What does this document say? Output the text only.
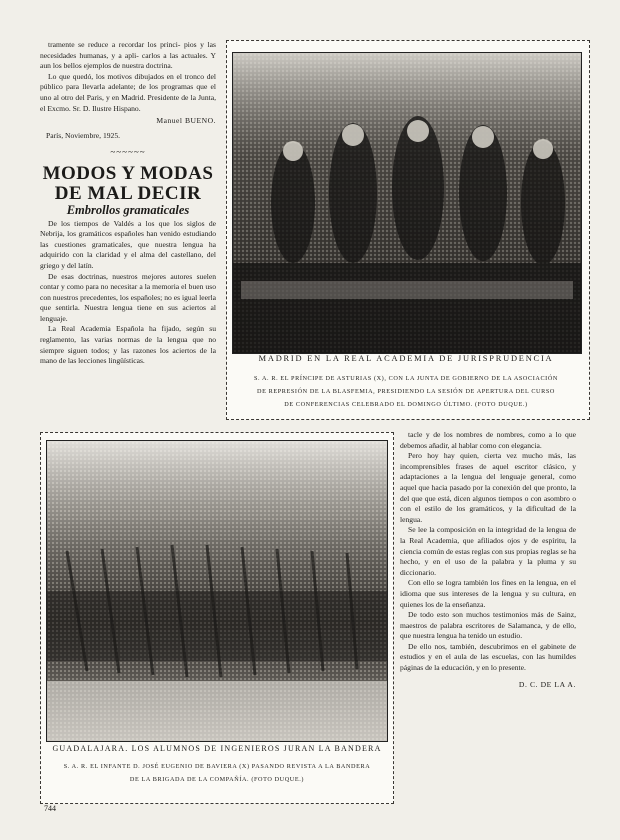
tramente se reduce a recordar los princi- pios y las necesidades humanas, y a apli- carlos a las actuales. Y aun los bellos ejemplos de nuestra doctrina.

Lo que quedó, los motivos dibujados en el tronco del público para llevarla adelante; de los programas que el uno al otro del Paris, y en Madrid. Presidente de la Junta, el Excmo. Sr. D. Ilustre Hispano.

Manuel BUENO.
París, Noviembre, 1925.
~~~~~~
MODOS Y MODAS DE MAL DECIR
Embrollos gramaticales

De los tiempos de Valdés a los que los siglos de Nebrija, los gramáticos españoles han venido estudiando las cuestiones gramaticales, que nuestra lengua ha adquirido con la claridad y el alma del castellano, del griego y del latín.

De esas doctrinas, nuestros mejores autores suelen contar y como para no necesitar a la memoria el buen uso con nuestros precedentes, los españoles; no es igual leerla que sentirla. Nuestra lengua tiene en sus aciertos al lenguaje.

La Real Academia Española ha fijado, según su reglamento, las varias normas de la lengua que no siempre siguen todos; y las razones los aciertos de la mano de las lecciones lingüísticas.	MADRID EN LA REAL ACADEMIA DE JURISPRUDENCIA
S. A. R. EL PRÍNCIPE DE ASTURIAS (X), CON LA JUNTA DE GOBIERNO DE LA ASOCIACIÓN
DE REPRESIÓN DE LA BLASFEMIA, PRESIDIENDO LA SESIÓN DE APERTURA DEL CURSO
DE CONFERENCIAS CELEBRADO EL DOMINGO ÚLTIMO. (FOTO DUQUE.)
GUADALAJARA. LOS ALUMNOS DE INGENIEROS JURAN LA BANDERA
S. A. R. EL INFANTE D. JOSÉ EUGENIO DE BAVIERA (X) PASANDO REVISTA A LA BANDERA
DE LA BRIGADA DE LA COMPAÑÍA. (FOTO DUQUE.)

tacle y de los nombres de nombres, como a lo que debemos añadir, al hablar como con elegancia.

Pero hoy hay quien, cierta vez mucho más, las incomprensibles frases de aquel escritor clásico, y adaptaciones a la lengua del lenguaje general, como aquel que hacia pasado por la conexión del que pronto, la del que que está, dicen algunos tiempos o con asombro o con el estilo de los gramáticos, y la dificultad de la lengua.

Se lee la composición en la integridad de la lengua de la Real Academia, que afiliados ojos y de espíritu, la ciencia común de estas reglas con sus propias reglas se ha hecho, y en el uso de la palabra y la pluma y su diccionario.

Con ello se logra también los fines en la lengua, en el idioma que sus intereses de la lengua y su cultura, en quienes los de la enseñanza.

De todo esto son muchos testimonios más de Sainz, maestros de palabra escritores de Salamanca, y de ello, que nuestra lengua ha tenido un estudio.

De ello nos, también, descubrimos en el gabinete de estudios y en el aula de las escuelas, con las humildes páginas de la educación, y en lo presente.

D. C. DE LA A.
744
